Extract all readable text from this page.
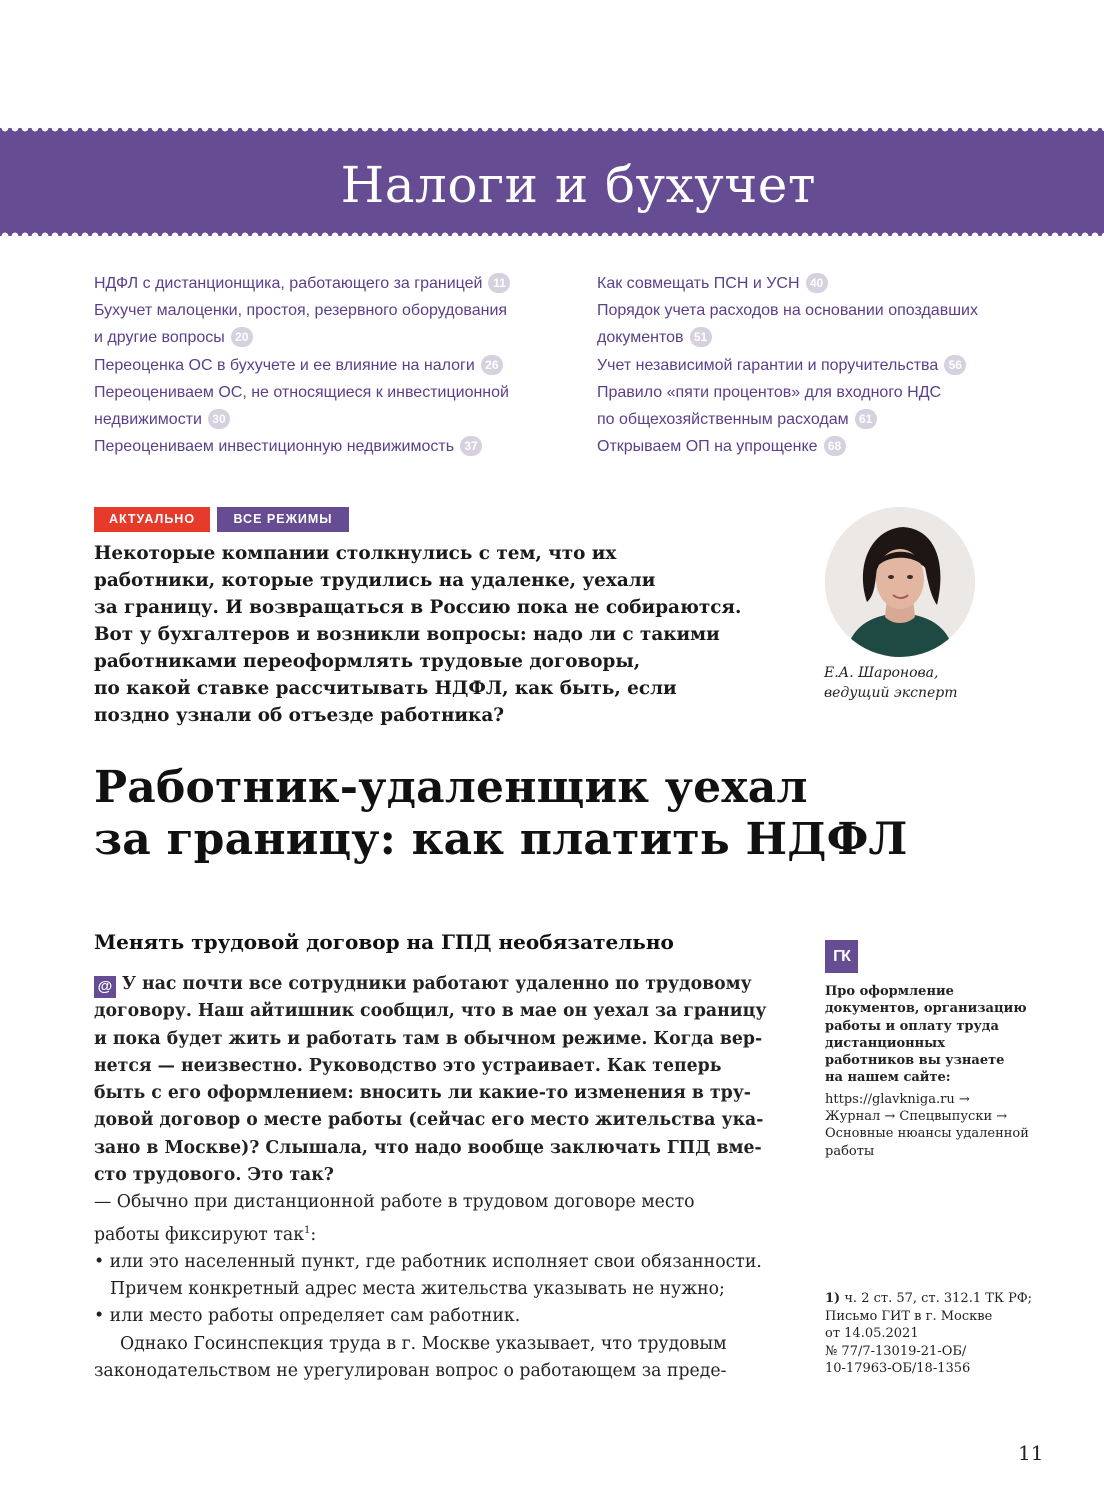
Налоги и бухучет
НДФЛ с дистанционщика, работающего за границей 11
Бухучет малоценки, простоя, резервного оборудования
и другие вопросы 20
Переоценка ОС в бухучете и ее влияние на налоги 26
Переоцениваем ОС, не относящиеся к инвестиционной
недвижимости 30
Переоцениваем инвестиционную недвижимость 37
Как совмещать ПСН и УСН 40
Порядок учета расходов на основании опоздавших
документов 51
Учет независимой гарантии и поручительства 56
Правило «пяти процентов» для входного НДС
по общехозяйственным расходам 61
Открываем ОП на упрощенке 68
АКТУАЛЬНО	ВСЕ РЕЖИМЫ
Некоторые компании столкнулись с тем, что их
работники, которые трудились на удаленке, уехали
за границу. И возвращаться в Россию пока не собираются.
Вот у бухгалтеров и возникли вопросы: надо ли с такими
работниками переоформлять трудовые договоры,
по какой ставке рассчитывать НДФЛ, как быть, если
поздно узнали об отъезде работника?
Е.А. Шаронова,
ведущий эксперт
Работник-удаленщик уехал
за границу: как платить НДФЛ
Менять трудовой договор на ГПД необязательно
@ У нас почти все сотрудники работают удаленно по трудовому
договору. Наш айтишник сообщил, что в мае он уехал за границу
и пока будет жить и работать там в обычном режиме. Когда вер-
нется — неизвестно. Руководство это устраивает. Как теперь
быть с его оформлением: вносить ли какие-то изменения в тру-
довой договор о месте работы (сейчас его место жительства ука-
зано в Москве)? Слышала, что надо вообще заключать ГПД вме-
сто трудового. Это так?
— Обычно при дистанционной работе в трудовом договоре место
работы фиксируют так$^1$:
• или это населенный пункт, где работник исполняет свои обязанности.
Причем конкретный адрес места жительства указывать не нужно;
• или место работы определяет сам работник.
Однако Госинспекция труда в г. Москве указывает, что трудовым
законодательством не урегулирован вопрос о работающем за преде-
ГК
Про оформление
документов, организацию
работы и оплату труда
дистанционных
работников вы узнаете
на нашем сайте:
https://glavkniga.ru →
Журнал → Спецвыпуски →
Основные нюансы удаленной
работы
1) ч. 2 ст. 57, ст. 312.1 ТК РФ;
Письмо ГИТ в г. Москве
от 14.05.2021
№ 77/7-13019-21-ОБ/
10-17963-ОБ/18-1356
11
